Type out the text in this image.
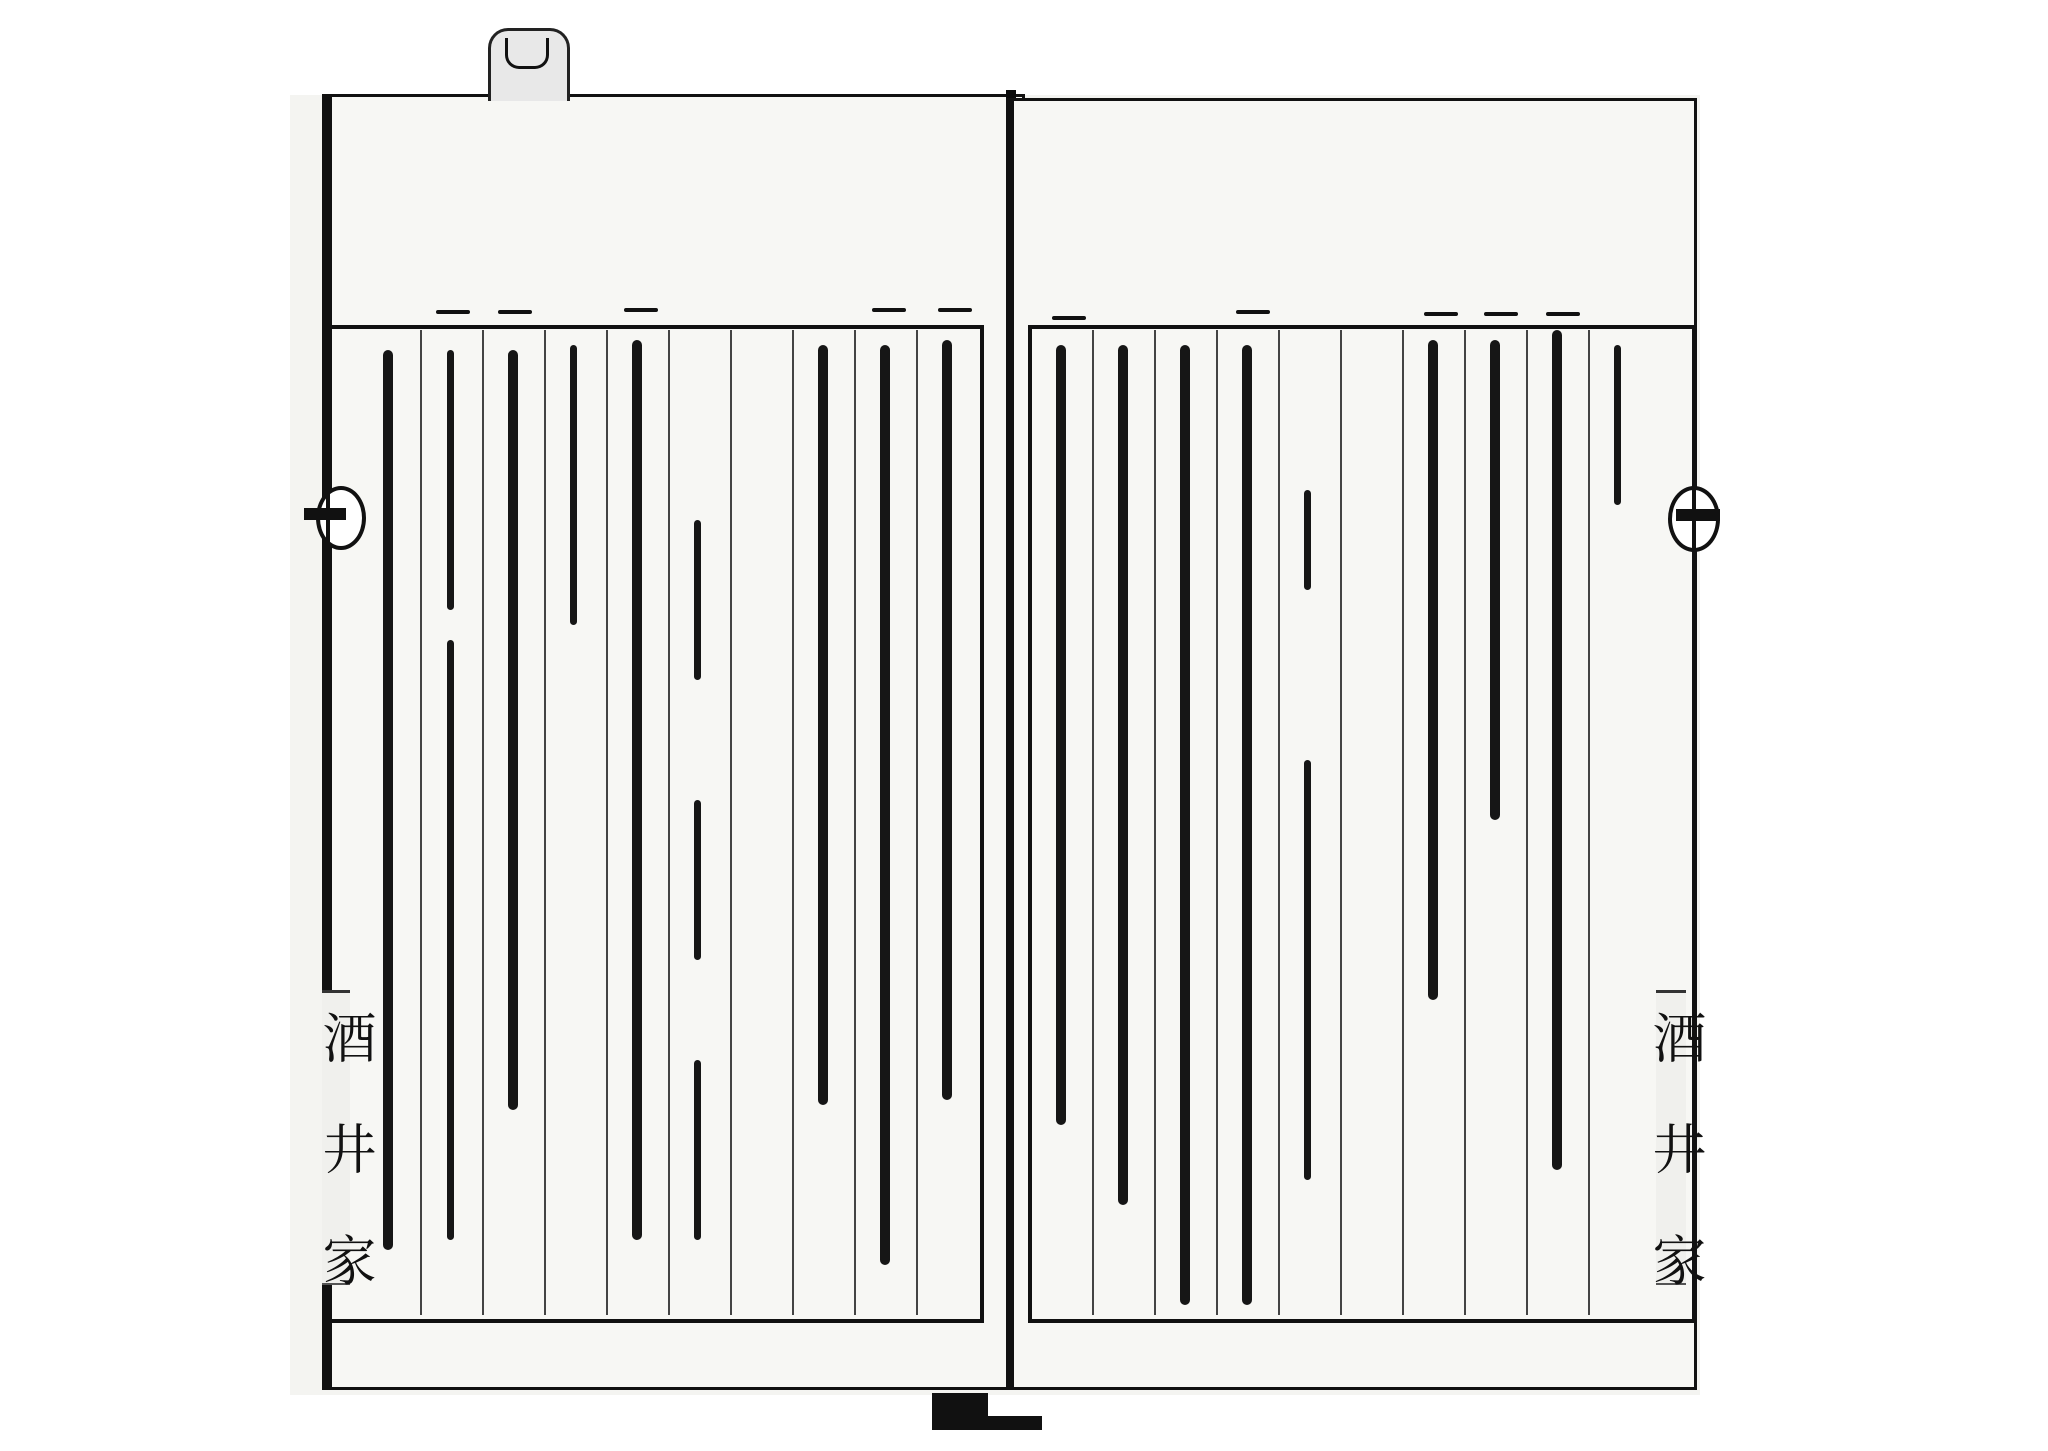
酒 井 家	酒 井 家
